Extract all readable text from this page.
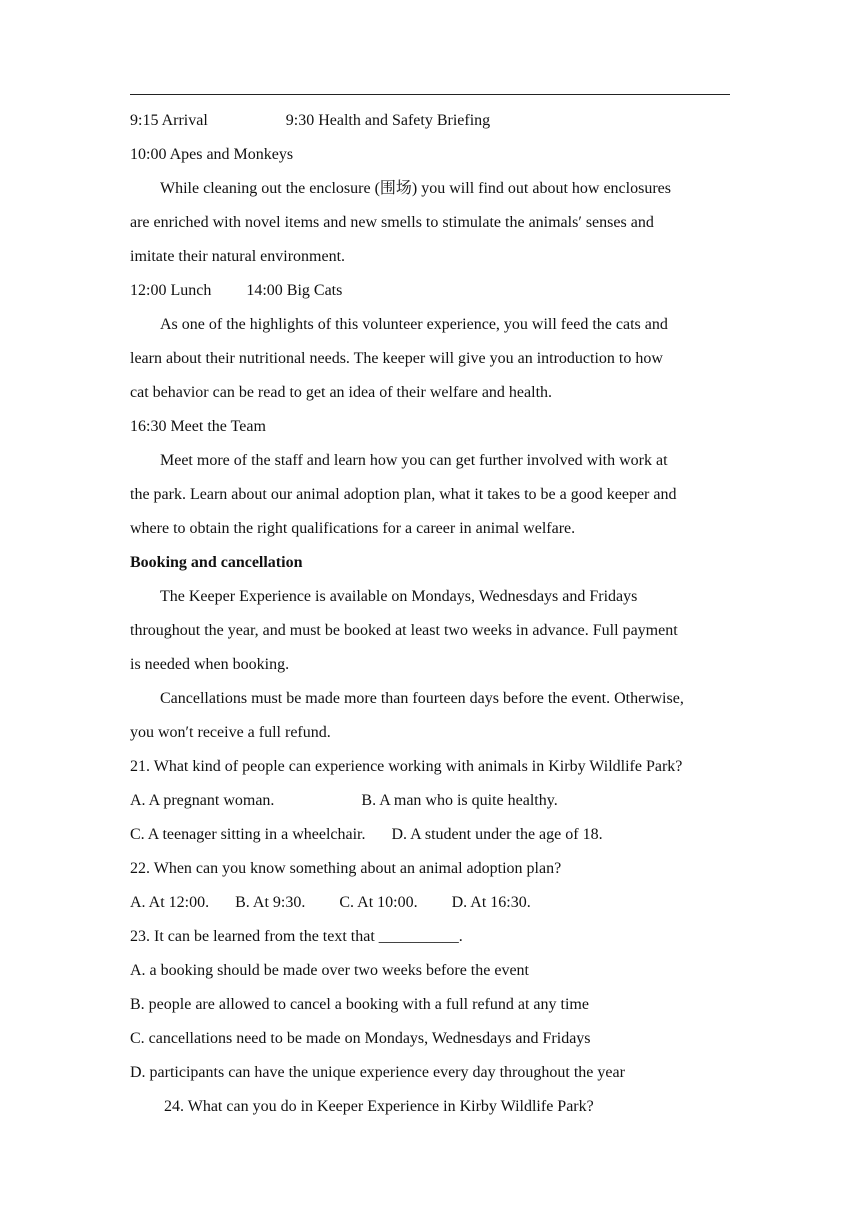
9:15 Arrival	9:30 Health and Safety Briefing
10:00 Apes and Monkeys
While cleaning out the enclosure (围场) you will find out about how enclosures
are enriched with novel items and new smells to stimulate the animals′ senses and
imitate their natural environment.
12:00 Lunch 14:00 Big Cats
As one of the highlights of this volunteer experience, you will feed the cats and
learn about their nutritional needs. The keeper will give you an introduction to how
cat behavior can be read to get an idea of their welfare and health.
16:30 Meet the Team
Meet more of the staff and learn how you can get further involved with work at
the park. Learn about our animal adoption plan, what it takes to be a good keeper and
where to obtain the right qualifications for a career in animal welfare.
Booking and cancellation
The Keeper Experience is available on Mondays, Wednesdays and Fridays
throughout the year, and must be booked at least two weeks in advance. Full payment
is needed when booking.
Cancellations must be made more than fourteen days before the event. Otherwise,
you won′t receive a full refund.
21. What kind of people can experience working with animals in Kirby Wildlife Park?
A. A pregnant woman.	B. A man who is quite healthy.
C. A teenager sitting in a wheelchair. D. A student under the age of 18.
22. When can you know something about an animal adoption plan?
A. At 12:00. B. At 9:30. C. At 10:00. D. At 16:30.
23. It can be learned from the text that __________.
A. a booking should be made over two weeks before the event
B. people are allowed to cancel a booking with a full refund at any time
C. cancellations need to be made on Mondays, Wednesdays and Fridays
D. participants can have the unique experience every day throughout the year
24. What can you do in Keeper Experience in Kirby Wildlife Park?
